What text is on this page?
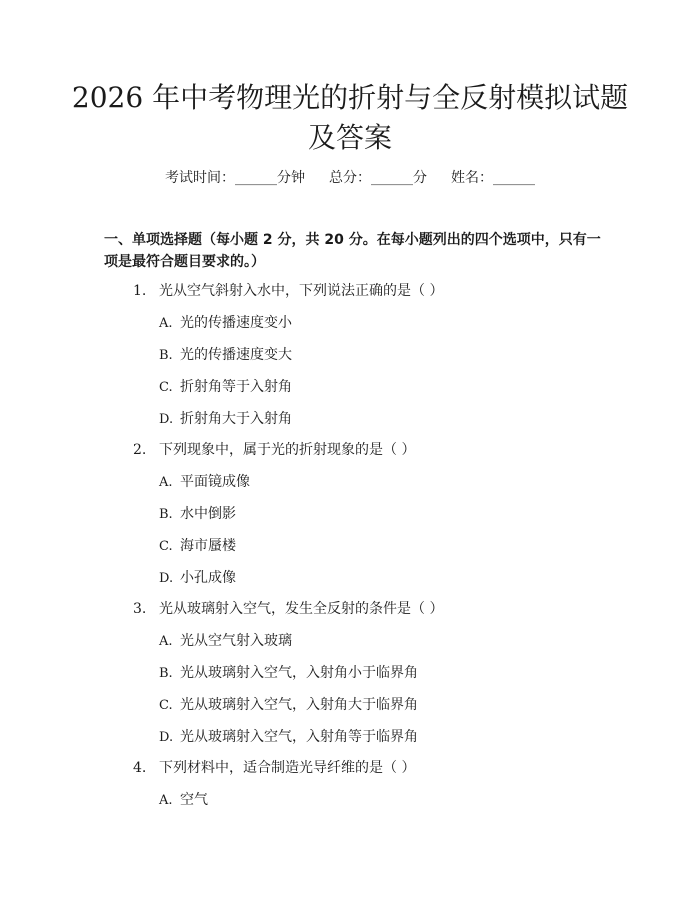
2026 年中考物理光的折射与全反射模拟试题
及答案
考试时间：______分钟 总分：______分 姓名：______
一、单项选择题（每小题 2 分，共 20 分。在每小题列出的四个选项中，只有一项是最符合题目要求的。）
1. 光从空气斜射入水中，下列说法正确的是（ ）
A. 光的传播速度变小
B. 光的传播速度变大
C. 折射角等于入射角
D. 折射角大于入射角
2. 下列现象中，属于光的折射现象的是（ ）
A. 平面镜成像
B. 水中倒影
C. 海市蜃楼
D. 小孔成像
3. 光从玻璃射入空气，发生全反射的条件是（ ）
A. 光从空气射入玻璃
B. 光从玻璃射入空气，入射角小于临界角
C. 光从玻璃射入空气，入射角大于临界角
D. 光从玻璃射入空气，入射角等于临界角
4. 下列材料中，适合制造光导纤维的是（ ）
A. 空气
